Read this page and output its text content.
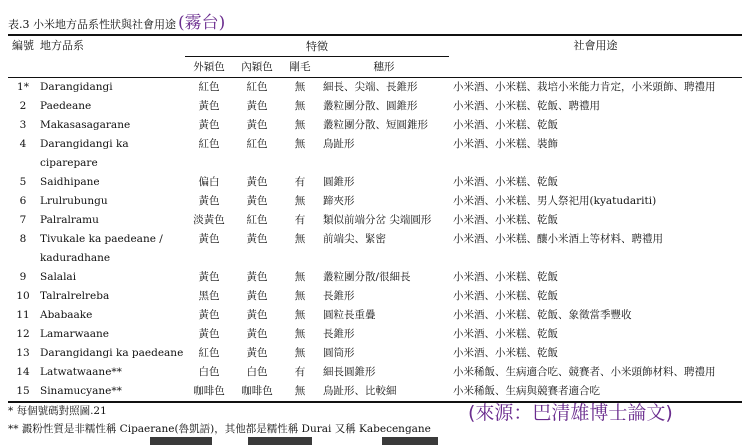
表.3 小米地方品系性狀與社會用途 (霧台)
編號	地方品系	特徵				社會用途
		外穎色	內穎色	剛毛	穗形	
1*	Darangidangi	紅色	紅色	無	細長、尖端、長錐形	小米酒、小米糕、栽培小米能力肯定，小米頭飾、聘禮用
2	Paedeane	黃色	黃色	無	叢粒團分散、圓錐形	小米酒、小米糕、乾飯、聘禮用
3	Makasasagarane	黃色	黃色	無	叢粒團分散、短圓錐形	小米酒、小米糕、乾飯
4	Darangidangi ka ciparepare	紅色	紅色	無	鳥趾形	小米酒、小米糕、裝飾
5	Saidhipane	偏白	黃色	有	圓錐形	小米酒、小米糕、乾飯
6	Lrulrubungu	黃色	黃色	無	蹄夾形	小米酒、小米糕、男人祭祀用(kyatudariti)
7	Palralramu	淡黃色	紅色	有	類似前端分岔 尖端圓形	小米酒、小米糕、乾飯
8	Tivukale ka paedeane / kaduradhane	黃色	黃色	無	前端尖、緊密	小米酒、小米糕、釀小米酒上等材料、聘禮用
9	Salalai	黃色	黃色	無	叢粒團分散/很細長	小米酒、小米糕、乾飯
10	Talralrelreba	黑色	黃色	無	長錐形	小米酒、小米糕、乾飯
11	Ababaake	黃色	黃色	無	圓粒長重疊	小米酒、小米糕、乾飯、象徵當季豐收
12	Lamarwaane	黃色	黃色	無	長錐形	小米酒、小米糕、乾飯
13	Darangidangi ka paedeane	紅色	黃色	無	圓筒形	小米酒、小米糕、乾飯
14	Latwatwaane**	白色	白色	有	細長圓錐形	小米稀飯、生病適合吃、競賽者、小米頭飾材料、聘禮用
15	Sinamucyane**	咖啡色	咖啡色	無	鳥趾形、比較細	小米稀飯、生病與競賽者適合吃
* 每個號碼對照圖.21
** 澱粉性質是非糯性稱 Cipaerane(魯凱語)，其他都是糯性稱 Durai 又稱 Kabecengane
(來源：巴清雄博士論文)
